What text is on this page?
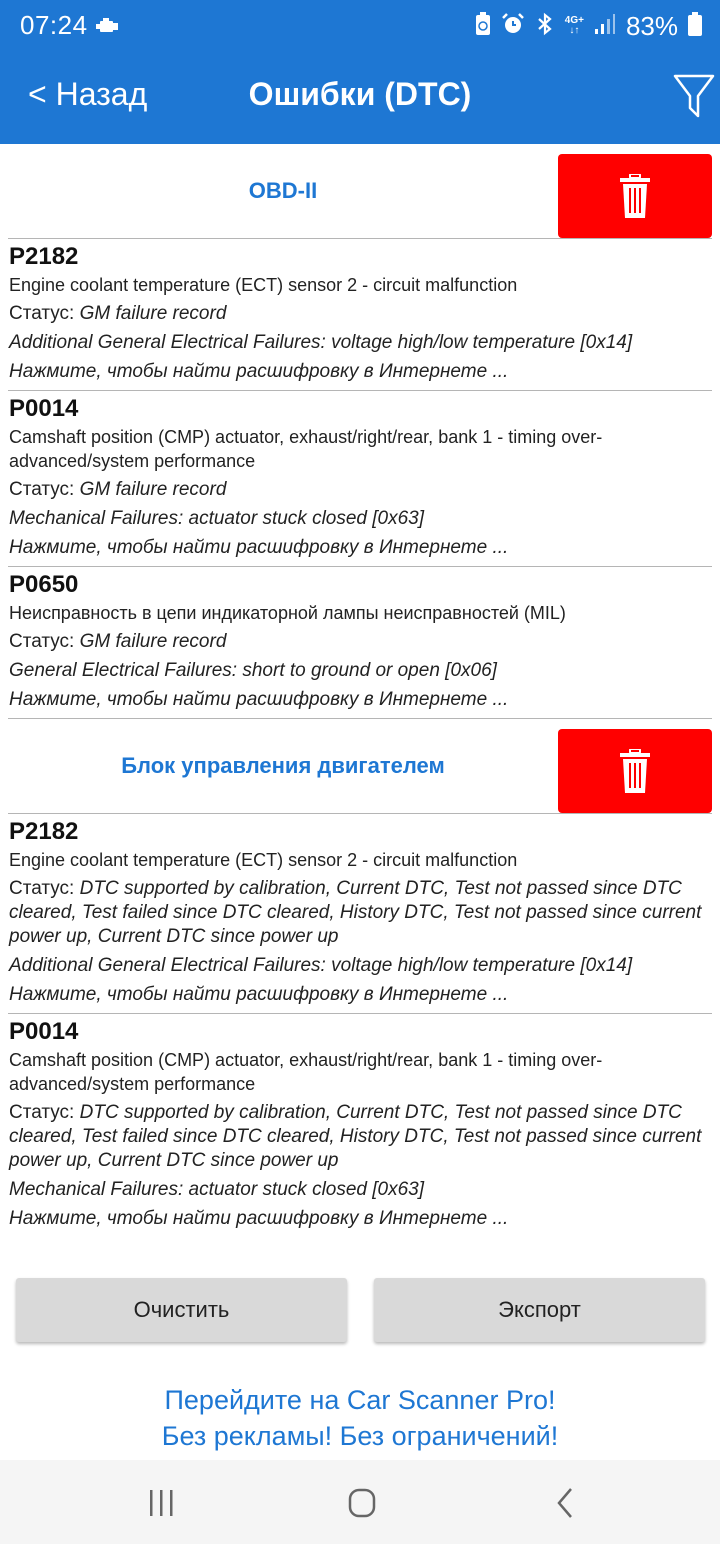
07:24	4G+
↓↑ 83%
< Назад	Ошибки (DTC)
OBD-II
P2182
Engine coolant temperature (ECT) sensor 2 - circuit malfunction
Статус: GM failure record
Additional General Electrical Failures: voltage high/low temperature [0x14]
Нажмите, чтобы найти расшифровку в Интернете ...
P0014
Camshaft position (CMP) actuator, exhaust/right/rear, bank 1 - timing over-advanced/system performance
Статус: GM failure record
Mechanical Failures: actuator stuck closed [0x63]
Нажмите, чтобы найти расшифровку в Интернете ...
P0650
Неисправность в цепи индикаторной лампы неисправностей (MIL)
Статус: GM failure record
General Electrical Failures: short to ground or open [0x06]
Нажмите, чтобы найти расшифровку в Интернете ...
Блок управления двигателем
P2182
Engine coolant temperature (ECT) sensor 2 - circuit malfunction
Статус: DTC supported by calibration, Current DTC, Test not passed since DTC cleared, Test failed since DTC cleared, History DTC, Test not passed since current power up, Current DTC since power up
Additional General Electrical Failures: voltage high/low temperature [0x14]
Нажмите, чтобы найти расшифровку в Интернете ...
P0014
Camshaft position (CMP) actuator, exhaust/right/rear, bank 1 - timing over-advanced/system performance
Статус: DTC supported by calibration, Current DTC, Test not passed since DTC cleared, Test failed since DTC cleared, History DTC, Test not passed since current power up, Current DTC since power up
Mechanical Failures: actuator stuck closed [0x63]
Нажмите, чтобы найти расшифровку в Интернете ...
Очистить	Экспорт
Перейдите на Car Scanner Pro!
Без рекламы! Без ограничений!
